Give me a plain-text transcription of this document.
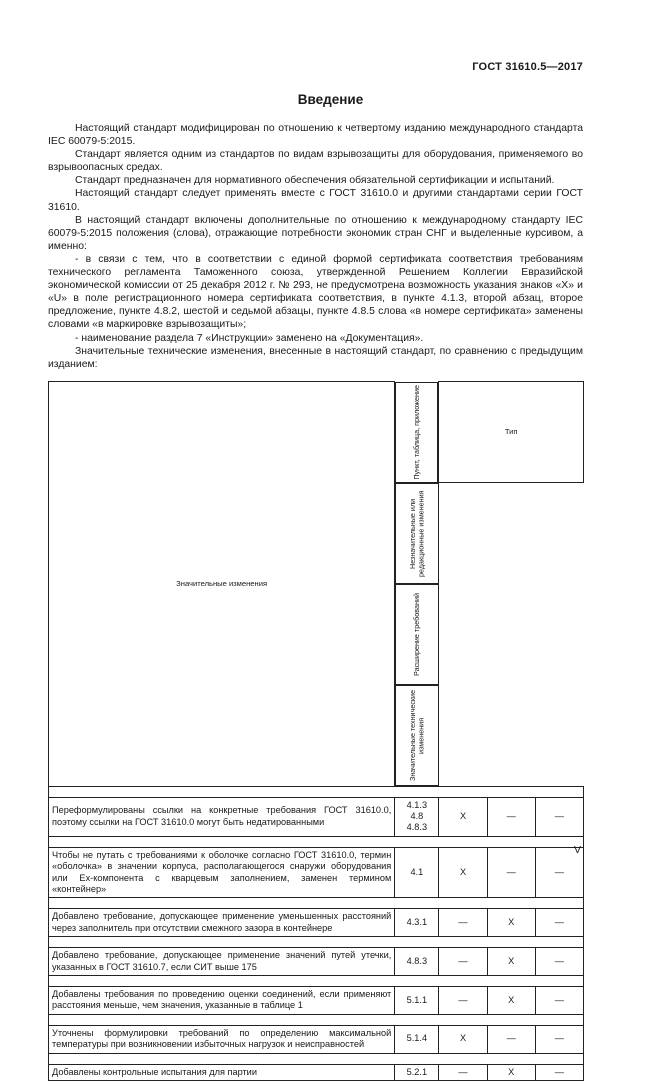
ГОСТ 31610.5—2017
Введение

Настоящий стандарт модифицирован по отношению к четвертому изданию международного стандарта IEC 60079-5:2015.

Стандарт является одним из стандартов по видам взрывозащиты для оборудования, применяемого во взрывоопасных средах.

Стандарт предназначен для нормативного обеспечения обязательной сертификации и испытаний.

Настоящий стандарт следует применять вместе с ГОСТ 31610.0 и другими стандартами серии ГОСТ 31610.

В настоящий стандарт включены дополнительные по отношению к международному стандарту IEC 60079-5:2015 положения (слова), отражающие потребности экономик стран СНГ и выделенные курсивом, а именно:

- в связи с тем, что в соответствии с единой формой сертификата соответствия требованиям технического регламента Таможенного союза, утвержденной Решением Коллегии Евразийской экономической комиссии от 25 декабря 2012 г. № 293, не предусмотрена возможность указания знаков «X» и «U» в поле регистрационного номера сертификата соответствия, в пункте 4.1.3, второй абзац, второе предложение, пункте 4.8.2, шестой и седьмой абзацы, пункте 4.8.5 слова «в номере сертификата» заменены словами «в маркировке взрывозащиты»;

- наименование раздела 7 «Инструкции» заменено на «Документация».

Значительные технические изменения, внесенные в настоящий стандарт, по сравнению с предыдущим изданием:

Значительные изменения	
Пункт, таблица, приложение	Тип		

Незначительные или редакционные изменения
Расширение требований
Значительные технические изменения

Переформулированы ссылки на конкретные требования ГОСТ 31610.0, поэтому ссылки на ГОСТ 31610.0 могут быть недатированными	4.1.3
4.8
4.8.3	X	—	—

Чтобы не путать с требованиями к оболочке согласно ГОСТ 31610.0, термин «оболочка» в значении корпуса, располагающегося снаружи оборудования или Ex-компонента с кварцевым заполнением, заменен термином «контейнер»	4.1	X	—	—

Добавлено требование, допускающее применение уменьшенных расстояний через заполнитель при отсутствии смежного зазора в контейнере	4.3.1	—	X	—

Добавлено требование, допускающее применение значений путей утечки, указанных в ГОСТ 31610.7, если СИТ выше 175	4.8.3	—	X	—

Добавлены требования по проведению оценки соединений, если применяют расстояния меньше, чем значения, указанные в таблице 1	5.1.1	—	X	—

Уточнены формулировки требований по определению максимальной температуры при возникновении избыточных нагрузок и неисправностей	5.1.4	X	—	—

Добавлены контрольные испытания для партии	5.2.1	—	X	—
V
